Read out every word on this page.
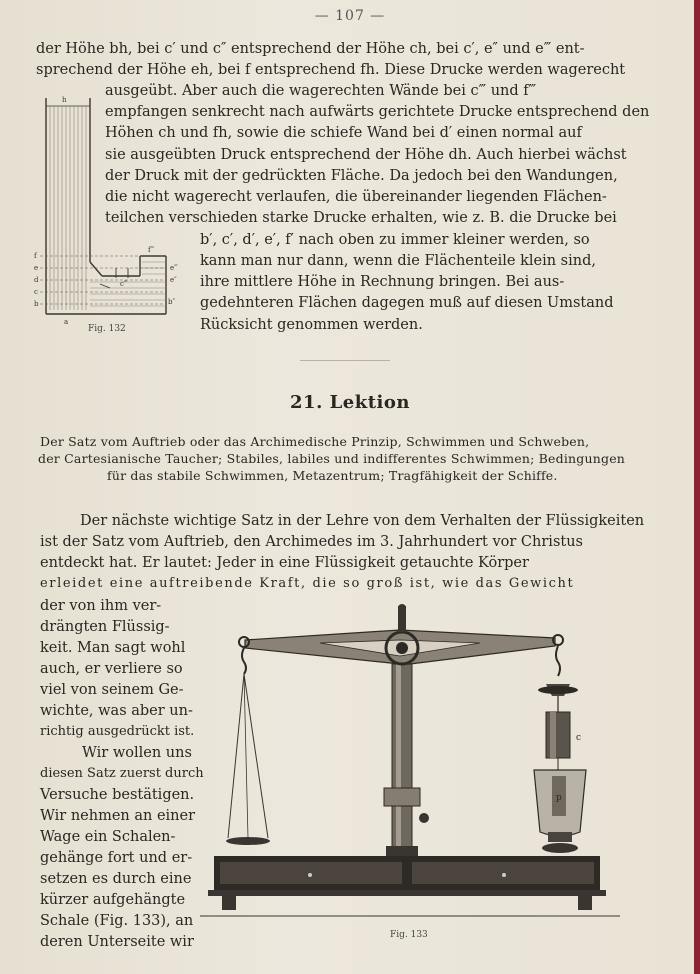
— 107 —
der Höhe bh, bei c′ und c″ entsprechend der Höhe ch, bei c′, e″ und e‴ ent-
sprechend der Höhe eh, bei f entsprechend fh. Diese Drucke werden wagerecht
ausgeübt. Aber auch die wagerechten Wände bei c‴ und f‴
empfangen senkrecht nach aufwärts gerichtete Drucke entsprechend den
Höhen ch und fh, sowie die schiefe Wand bei d′ einen normal auf
sie ausgeübten Druck entsprechend der Höhe dh. Auch hierbei wächst
der Druck mit der gedrückten Fläche. Da jedoch bei den Wandungen,
die nicht wagerecht verlaufen, die übereinander liegenden Flächen-
teilchen verschieden starke Drucke erhalten, wie z. B. die Drucke bei
b′, c′, d′, e′, f′ nach oben zu immer kleiner werden, so
kann man nur dann, wenn die Flächenteile klein sind,
ihre mittlere Höhe in Rechnung bringen. Bei aus-
gedehnteren Flächen dagegen muß auf diesen Umstand
Rücksicht genommen werden.
h
f
e
d
c
b
a
f‴
e‴
c‴
b″
e″
Fig. 132
21. Lektion
Der Satz vom Auftrieb oder das Archimedische Prinzip, Schwimmen und Schweben,
der Cartesianische Taucher; Stabiles, labiles und indifferentes Schwimmen; Bedingungen
für das stabile Schwimmen, Metazentrum; Tragfähigkeit der Schiffe.
Der nächste wichtige Satz in der Lehre von dem Verhalten der Flüssigkeiten
ist der Satz vom Auftrieb, den Archimedes im 3. Jahrhundert vor Christus
entdeckt hat. Er lautet: Jeder in eine Flüssigkeit getauchte Körper
erleidet eine auftreibende Kraft, die so groß ist, wie das Gewicht
der von ihm ver-
drängten Flüssig-
keit. Man sagt wohl
auch, er verliere so
viel von seinem Ge-
wichte, was aber un-
richtig ausgedrückt ist.
Wir wollen uns
diesen Satz zuerst durch
Versuche bestätigen.
Wir nehmen an einer
Wage ein Schalen-
gehänge fort und er-
setzen es durch eine
kürzer aufgehängte
Schale (Fig. 133), an
deren Unterseite wir
c
p
Fig. 133
